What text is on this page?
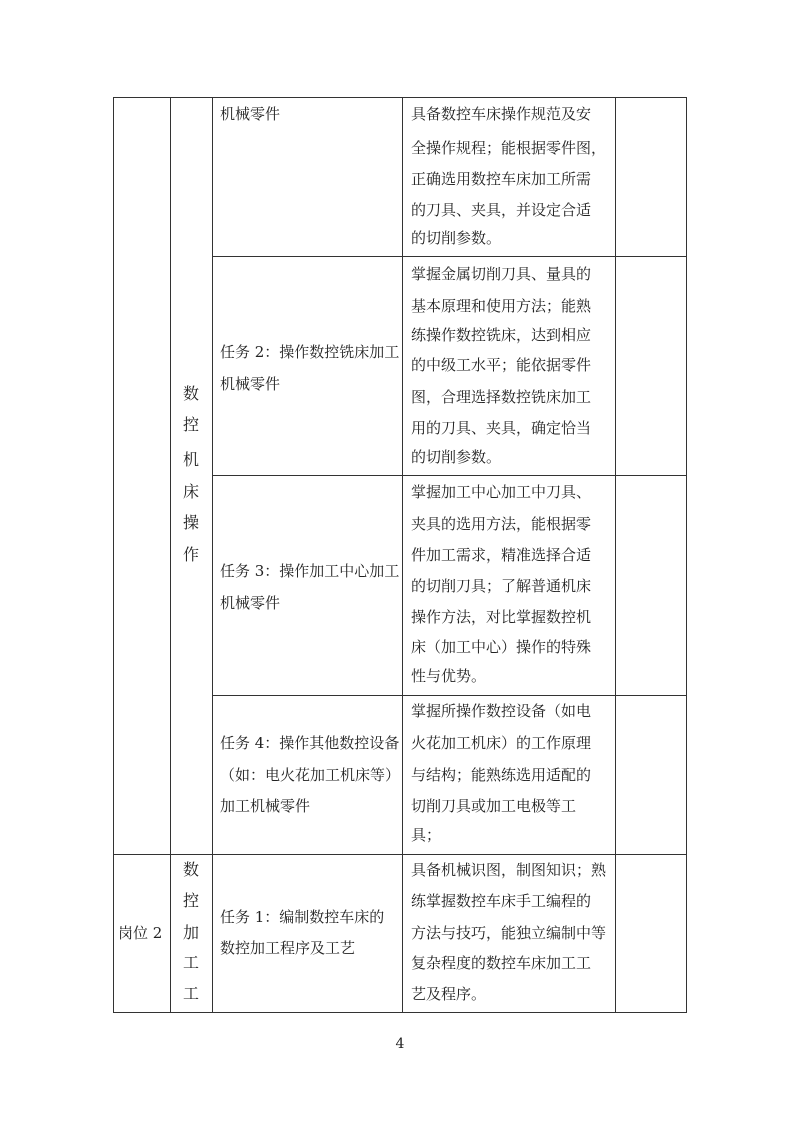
数
控
机
床
操
作
机械零件	具备数控车床操作规范及安
全操作规程；能根据零件图，
正确选用数控车床加工所需
的刀具、夹具，并设定合适
的切削参数。
任务 2：操作数控铣床加工
机械零件
掌握金属切削刀具、量具的
基本原理和使用方法；能熟
练操作数控铣床，达到相应
的中级工水平；能依据零件
图，合理选择数控铣床加工
用的刀具、夹具，确定恰当
的切削参数。
任务 3：操作加工中心加工
机械零件
掌握加工中心加工中刀具、
夹具的选用方法，能根据零
件加工需求，精准选择合适
的切削刀具；了解普通机床
操作方法，对比掌握数控机
床（加工中心）操作的特殊
性与优势。
任务 4：操作其他数控设备
（如：电火花加工机床等）
加工机械零件
掌握所操作数控设备（如电
火花加工机床）的工作原理
与结构；能熟练选用适配的
切削刀具或加工电极等工
具；
岗位 2
数
控
加
工
工
任务 1：编制数控车床的
数控加工程序及工艺
具备机械识图，制图知识；熟
练掌握数控车床手工编程的
方法与技巧，能独立编制中等
复杂程度的数控车床加工工
艺及程序。
4
